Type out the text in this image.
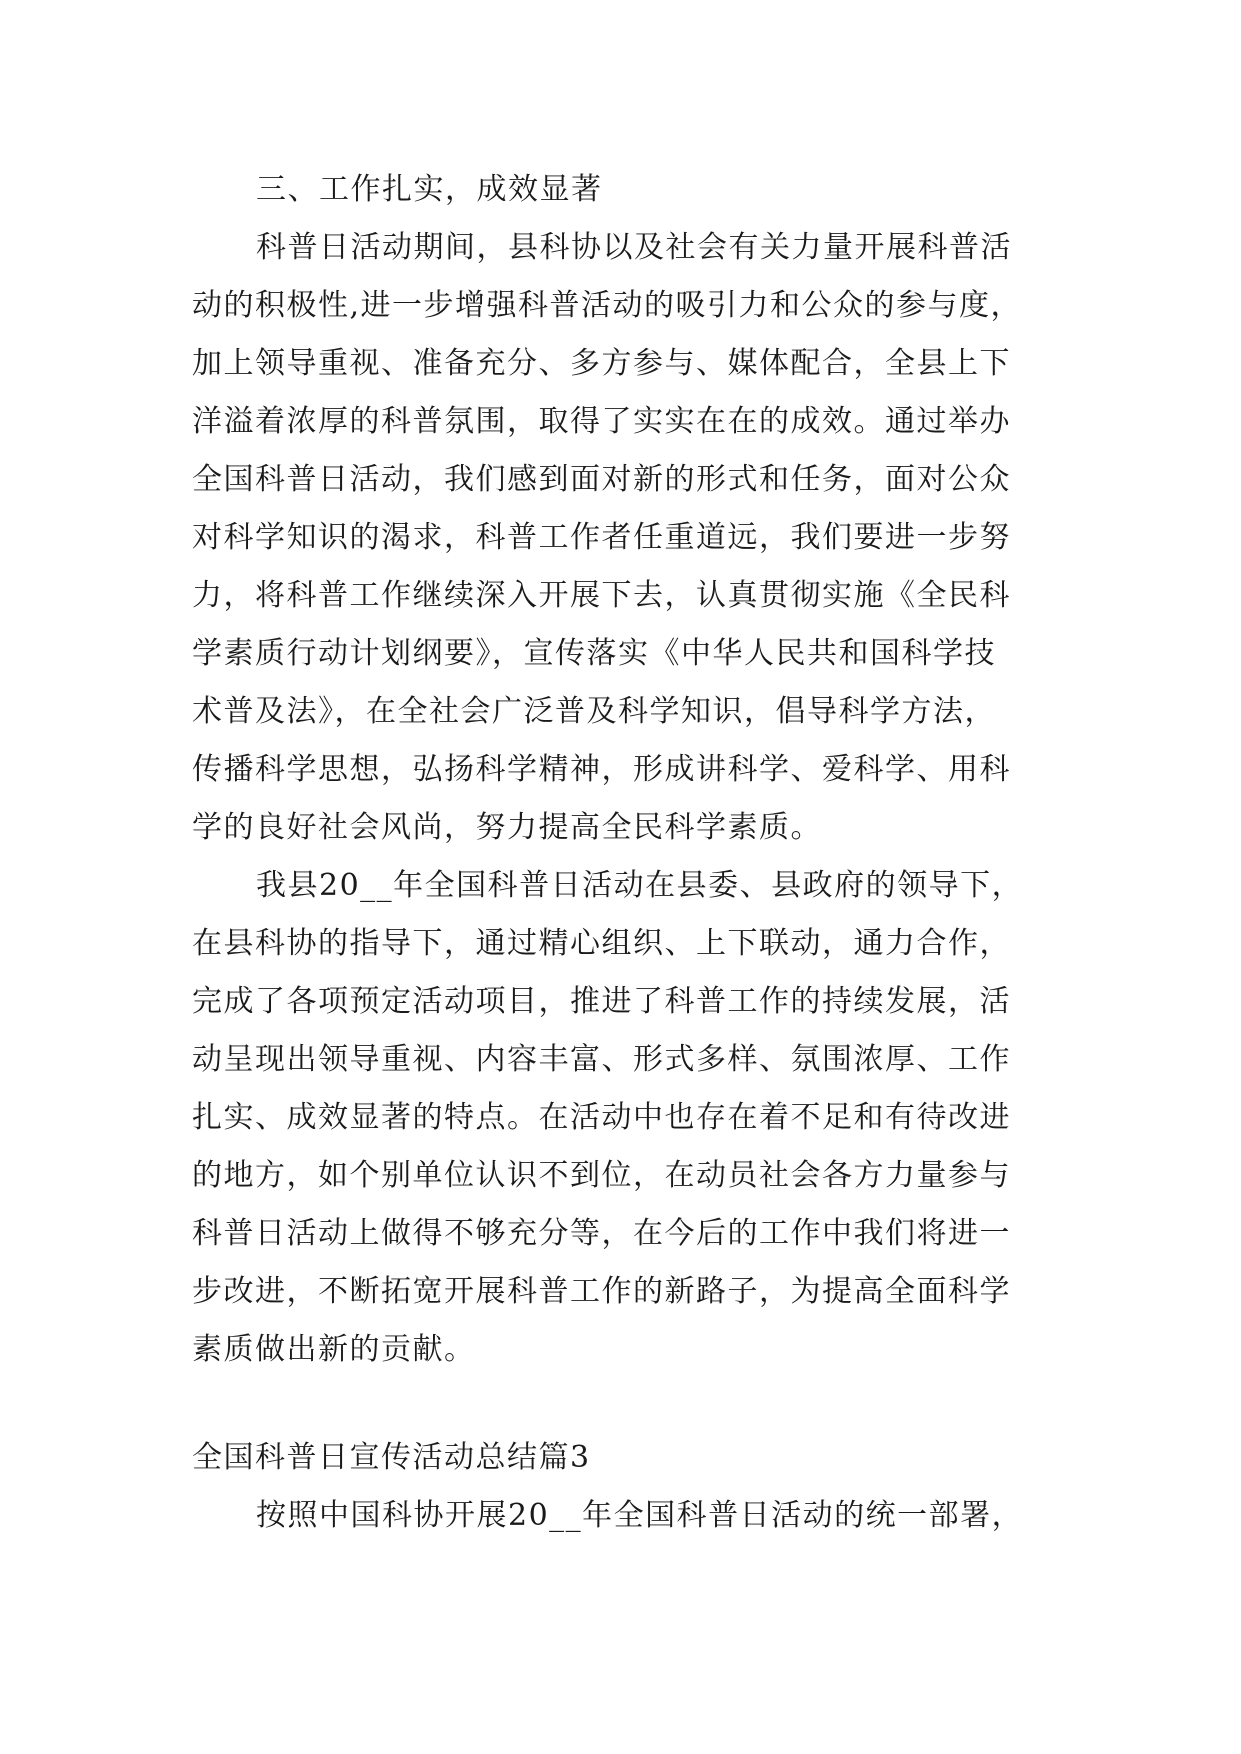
三、工作扎实，成效显著
科普日活动期间，县科协以及社会有关力量开展科普活
动的积极性,进一步增强科普活动的吸引力和公众的参与度，
加上领导重视、准备充分、多方参与、媒体配合，全县上下
洋溢着浓厚的科普氛围，取得了实实在在的成效。通过举办
全国科普日活动，我们感到面对新的形式和任务，面对公众
对科学知识的渴求，科普工作者任重道远，我们要进一步努
力，将科普工作继续深入开展下去，认真贯彻实施《全民科
学素质行动计划纲要》，宣传落实《中华人民共和国科学技
术普及法》，在全社会广泛普及科学知识，倡导科学方法，
传播科学思想，弘扬科学精神，形成讲科学、爱科学、用科
学的良好社会风尚，努力提高全民科学素质。
我县20__年全国科普日活动在县委、县政府的领导下，
在县科协的指导下，通过精心组织、上下联动，通力合作，
完成了各项预定活动项目，推进了科普工作的持续发展，活
动呈现出领导重视、内容丰富、形式多样、氛围浓厚、工作
扎实、成效显著的特点。在活动中也存在着不足和有待改进
的地方，如个别单位认识不到位，在动员社会各方力量参与
科普日活动上做得不够充分等，在今后的工作中我们将进一
步改进，不断拓宽开展科普工作的新路子，为提高全面科学
素质做出新的贡献。
全国科普日宣传活动总结篇3
按照中国科协开展20__年全国科普日活动的统一部署，
